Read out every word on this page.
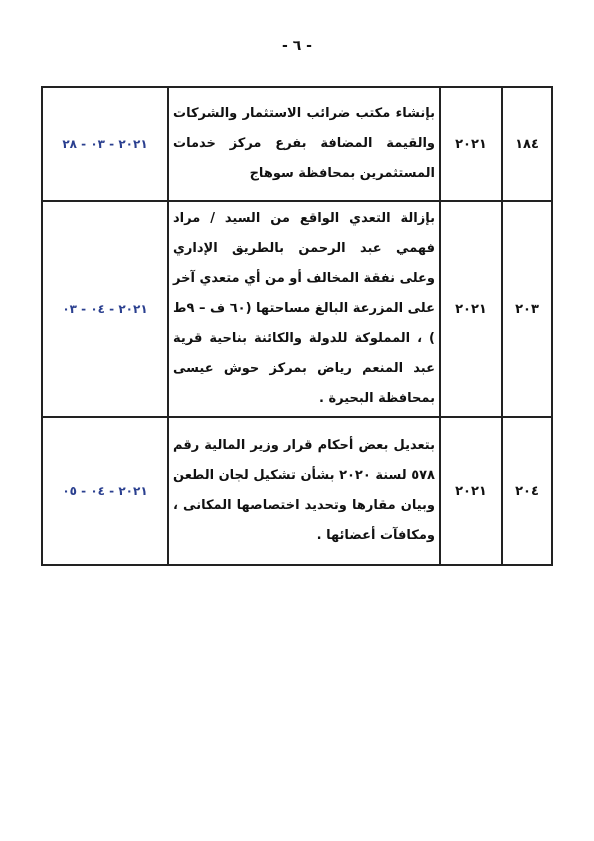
- ٦ -
١٨٤	٢٠٢١	بإنشاء مكتب ضرائب الاستثمار والشركات والقيمة المضافة بفرع مركز خدمات المستثمرين بمحافظة سوهاج	٢٠٢١ - ٠٣ - ٢٨
٢٠٣	٢٠٢١	بإزالة التعدي الواقع من السيد / مراد فهمي عبد الرحمن بالطريق الإداري وعلى نفقة المخالف أو من أي متعدي آخر على المزرعة البالغ مساحتها (٦٠ ف – ٩ط ) ، المملوكة للدولة والكائنة بناحية قرية عبد المنعم رياض بمركز حوش عيسى بمحافظة البحيرة .	٢٠٢١ - ٠٤ - ٠٣
٢٠٤	٢٠٢١	بتعديل بعض أحكام قرار وزير المالية رقم ٥٧٨ لسنة ٢٠٢٠ بشأن تشكيل لجان الطعن وبيان مقارها وتحديد اختصاصها المكانى ، ومكافآت أعضائها .	٢٠٢١ - ٠٤ - ٠٥
